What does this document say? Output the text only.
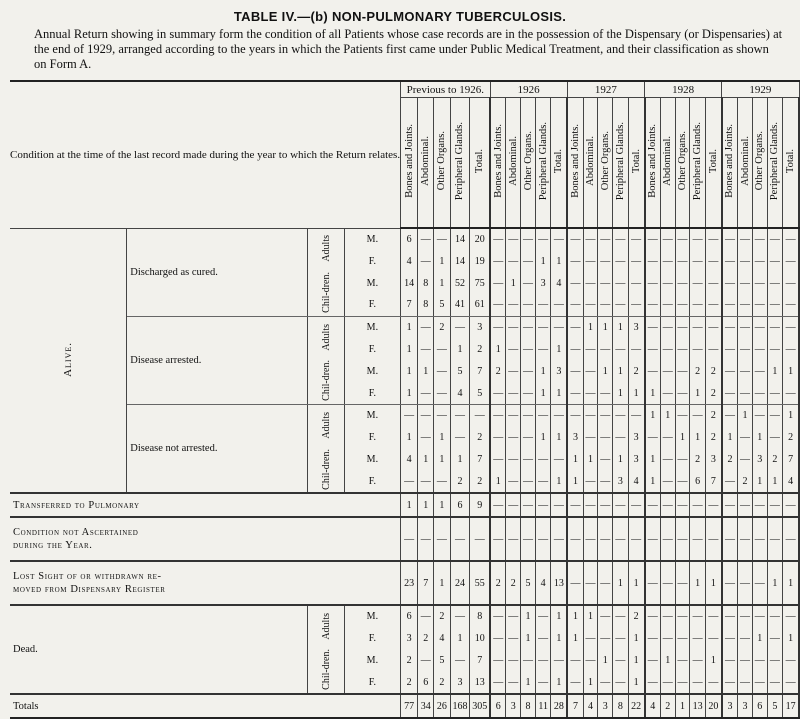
TABLE IV.—(b) NON-PULMONARY TUBERCULOSIS.
Annual Return showing in summary form the condition of all Patients whose case records are in the possession of the Dispensary (or Dispensaries) at the end of 1929, arranged according to the years in which the Patients first came under Public Medical Treatment, and their classification as shown on Form A.
Condition at the time of the last record made during the year to which the Return relates.				Previous to 1926.					1926					1927					1928					1929				
				Bones and Joints.	Abdominal.	Other Organs.	Peripheral Glands.	Total.	Bones and Joints.	Abdominal.	Other Organs.	Peripheral Glands.	Total.	Bones and Joints.	Abdominal.	Other Organs.	Peripheral Glands.	Total.	Bones and Joints.	Abdominal.	Other Organs.	Peripheral Glands.	Total.	Bones and Joints.	Abdominal.	Other Organs.	Peripheral Glands.	Total.
Alive.	Discharged as cured.	Adults	M.	6	—	—	14	20	—	—	—	—	—	—	—	—	—	—	—	—	—	—	—	—	—	—	—	—
			F.	4	—	1	14	19	—	—	—	1	1	—	—	—	—	—	—	—	—	—	—	—	—	—	—	—
		Chil-dren.	M.	14	8	1	52	75	—	1	—	3	4	—	—	—	—	—	—	—	—	—	—	—	—	—	—	—
			F.	7	8	5	41	61	—	—	—	—	—	—	—	—	—	—	—	—	—	—	—	—	—	—	—	—
	Disease arrested.	Adults	M.	1	—	2	—	3	—	—	—	—	—	—	1	1	1	3	—	—	—	—	—	—	—	—	—	—
			F.	1	—	—	1	2	1	—	—	—	1	—	—	—	—	—	—	—	—	—	—	—	—	—	—	—
		Chil-dren.	M.	1	1	—	5	7	2	—	—	1	3	—	—	1	1	2	—	—	—	2	2	—	—	—	1	1
			F.	1	—	—	4	5	—	—	—	1	1	—	—	—	1	1	1	—	—	1	2	—	—	—	—	—
	Disease not arrested.	Adults	M.	—	—	—	—	—	—	—	—	—	—	—	—	—	—	—	1	1	—	—	2	—	1	—	—	1
			F.	1	—	1	—	2	—	—	—	1	1	3	—	—	—	3	—	—	1	1	2	1	—	1	—	2
		Chil-dren.	M.	4	1	1	1	7	—	—	—	—	—	1	1	—	1	3	1	—	—	2	3	2	—	3	2	7
			F.	—	—	—	2	2	1	—	—	—	1	1	—	—	3	4	1	—	—	6	7	—	2	1	1	4

Transferred to Pulmonary				1	1	1	6	9	—	—	—	—	—	—	—	—	—	—	—	—	—	—	—	—	—	—	—	—

Condition not Ascertained
during the Year.				—	—	—	—	—	—	—	—	—	—	—	—	—	—	—	—	—	—	—	—	—	—	—	—	—

Lost Sight of or withdrawn re-
moved from Dispensary Register				23	7	1	24	55	2	2	5	4	13	—	—	—	1	1	—	—	—	1	1	—	—	—	1	1
Dead.		Adults	M.	6	—	2	—	8	—	—	1	—	1	1	1	—	—	2	—	—	—	—	—	—	—	—	—	—
			F.	3	2	4	1	10	—	—	1	—	1	1	—	—	—	1	—	—	—	—	—	—	—	1	—	1
		Chil-dren.	M.	2	—	5	—	7	—	—	—	—	—	—	—	1	—	1	—	1	—	—	1	—	—	—	—	—
			F.	2	6	2	3	13	—	—	1	—	1	—	1	—	—	1	—	—	—	—	—	—	—	—	—	—
Totals				77	34	26	168	305	6	3	8	11	28	7	4	3	8	22	4	2	1	13	20	3	3	6	5	17
